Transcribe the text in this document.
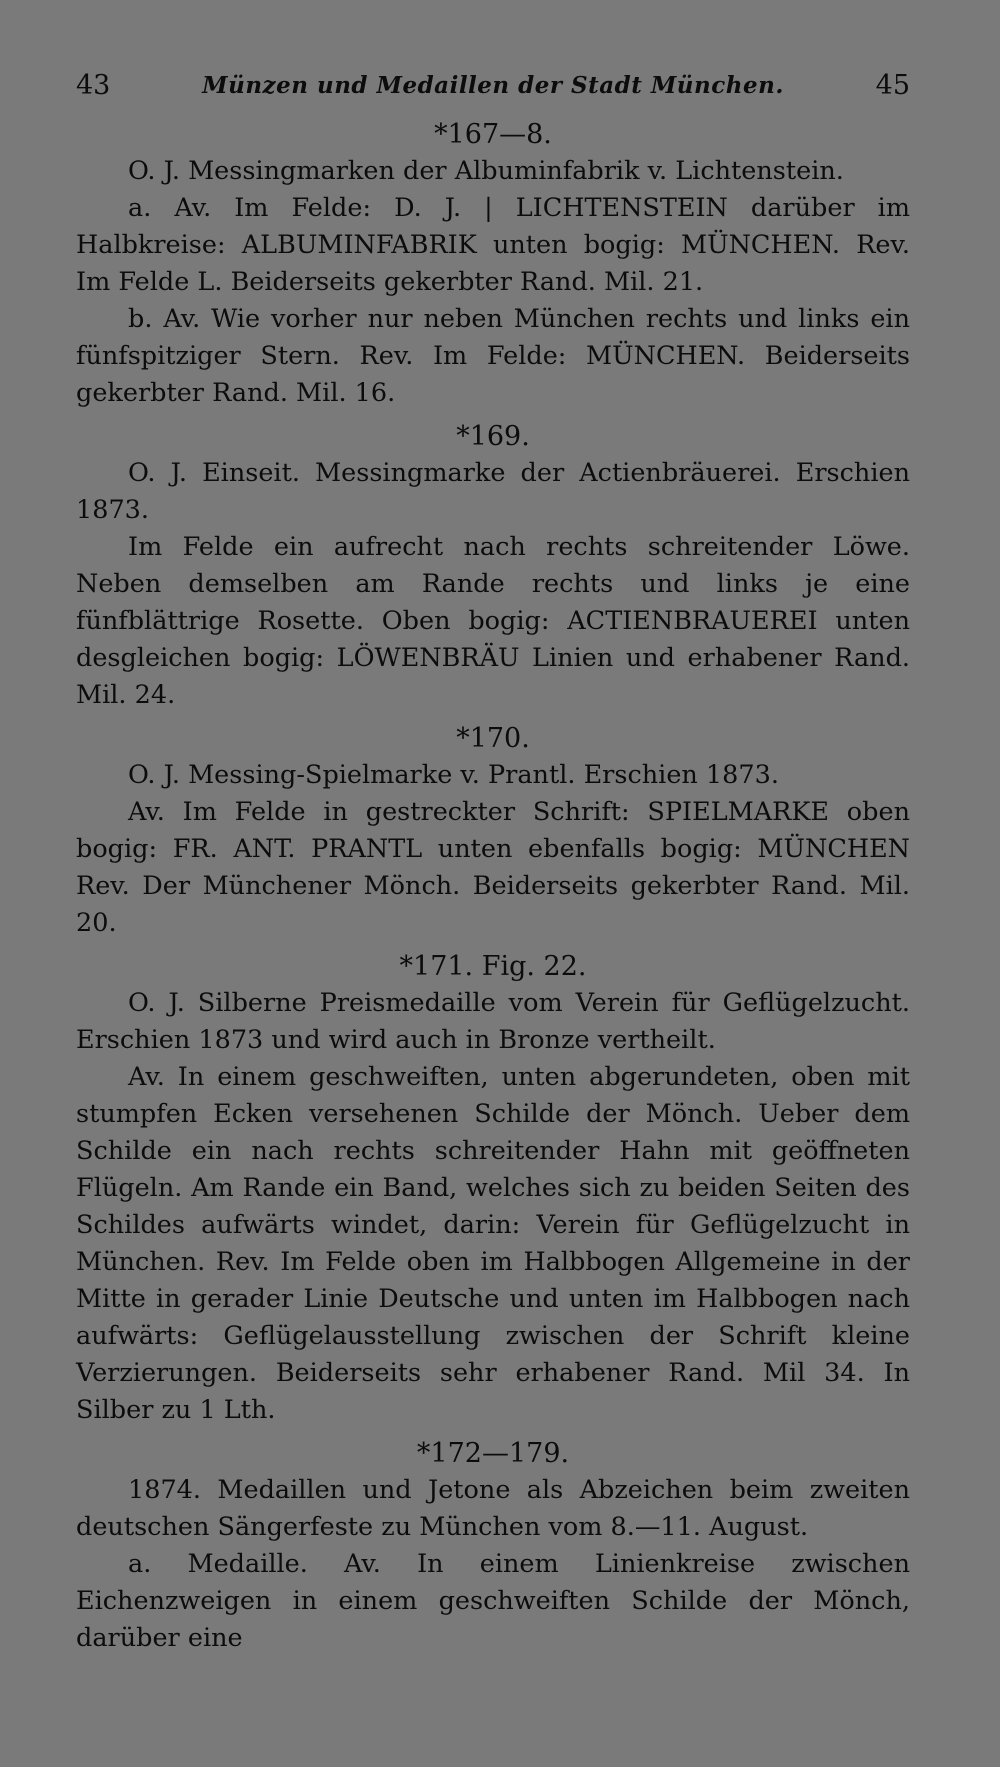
43	Münzen und Medaillen der Stadt München.	45
*167—8.

O. J. Messingmarken der Albuminfabrik v. Lichtenstein.

a. Av. Im Felde: D. J. | LICHTENSTEIN darüber im Halbkreise: ALBUMINFABRIK unten bogig: MÜNCHEN. Rev. Im Felde L. Beiderseits gekerbter Rand. Mil. 21.

b. Av. Wie vorher nur neben München rechts und links ein fünfspitziger Stern. Rev. Im Felde: MÜNCHEN. Beiderseits gekerbter Rand. Mil. 16.

*169.

O. J. Einseit. Messingmarke der Actienbräuerei. Erschien 1873.

Im Felde ein aufrecht nach rechts schreitender Löwe. Neben demselben am Rande rechts und links je eine fünfblättrige Rosette. Oben bogig: ACTIENBRAUEREI unten desgleichen bogig: LÖWENBRÄU Linien und erhabener Rand. Mil. 24.

*170.

O. J. Messing-Spielmarke v. Prantl. Erschien 1873.

Av. Im Felde in gestreckter Schrift: SPIELMARKE oben bogig: FR. ANT. PRANTL unten ebenfalls bogig: MÜNCHEN Rev. Der Münchener Mönch. Beiderseits gekerbter Rand. Mil. 20.

*171. Fig. 22.

O. J. Silberne Preismedaille vom Verein für Geflügelzucht. Erschien 1873 und wird auch in Bronze vertheilt.

Av. In einem geschweiften, unten abgerundeten, oben mit stumpfen Ecken versehenen Schilde der Mönch. Ueber dem Schilde ein nach rechts schreitender Hahn mit geöffneten Flügeln. Am Rande ein Band, welches sich zu beiden Seiten des Schildes aufwärts windet, darin: Verein für Geflügelzucht in München. Rev. Im Felde oben im Halbbogen Allgemeine in der Mitte in gerader Linie Deutsche und unten im Halbbogen nach aufwärts: Geflügelausstellung zwischen der Schrift kleine Verzierungen. Beiderseits sehr erhabener Rand. Mil 34. In Silber zu 1 Lth.

*172—179.

1874. Medaillen und Jetone als Abzeichen beim zweiten deutschen Sängerfeste zu München vom 8.—11. August.

a. Medaille. Av. In einem Linienkreise zwischen Eichenzweigen in einem geschweiften Schilde der Mönch, darüber eine
